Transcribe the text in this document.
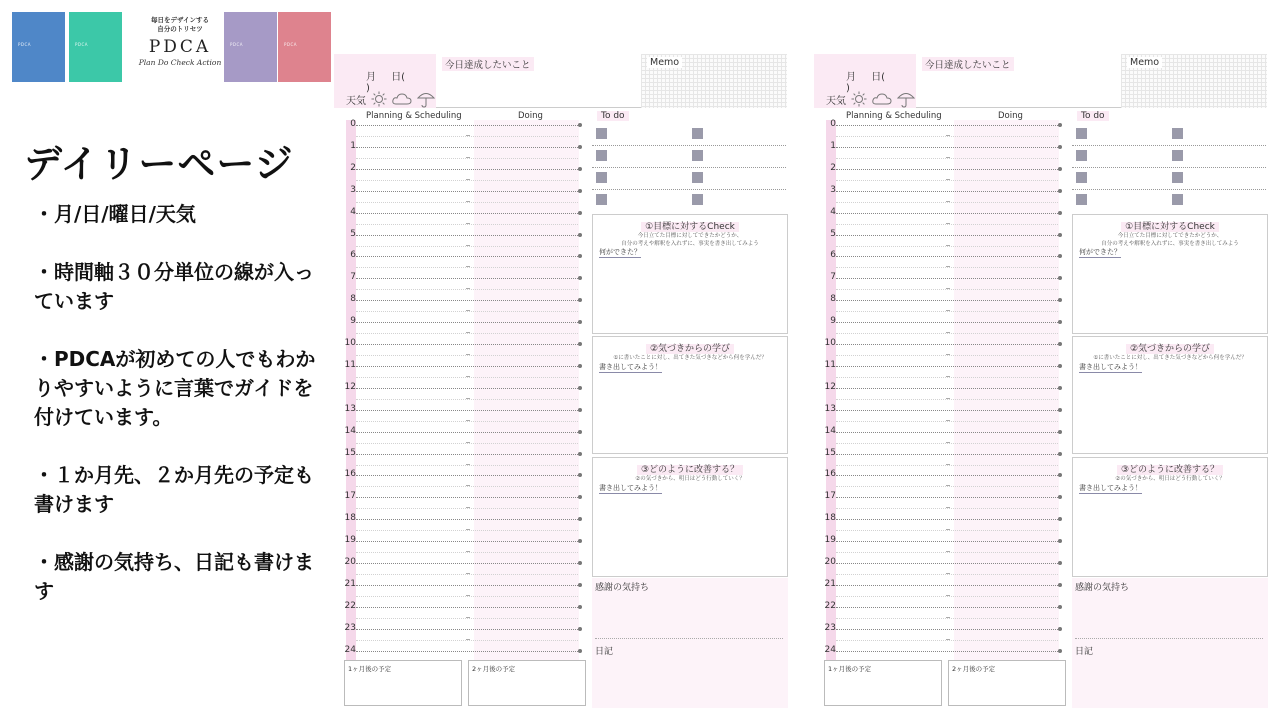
PDCA	PDCA
毎日をデザインする
自分のトリセツ
PDCA
Plan Do Check Action
PDCA	PDCA
デイリーページ
・月/日/曜日/天気
・時間軸３０分単位の線が入っています
・PDCAが初めての人でもわかりやすいように言葉でガイドを付けています。
・１か月先、２か月先の予定も書けます
・感謝の気持ち、日記も書けます
月 日( )
天気
今日達成したいこと	Memo
Planning & Scheduling	Doing
0
1
2
3
4
5
6
7
8
9
10
11
12
13
14
15
16
17
18
19
20
21
22
23
24
To do
①目標に対するCheck
今日立てた目標に対してできたかどうか、
自分の考えや解釈を入れずに、事実を書き出してみよう
何ができた？
②気づきからの学び
①に書いたことに対し、出てきた気づきなどから何を学んだ？
書き出してみよう！
③どのように改善する？
②の気づきから、明日はどう行動していく？
書き出してみよう！
感謝の気持ち
日記
1ヶ月後の予定	2ヶ月後の予定
月 日( )
天気
今日達成したいこと	Memo
Planning & Scheduling	Doing
0
1
2
3
4
5
6
7
8
9
10
11
12
13
14
15
16
17
18
19
20
21
22
23
24
To do
①目標に対するCheck
今日立てた目標に対してできたかどうか、
自分の考えや解釈を入れずに、事実を書き出してみよう
何ができた？
②気づきからの学び
①に書いたことに対し、出てきた気づきなどから何を学んだ？
書き出してみよう！
③どのように改善する？
②の気づきから、明日はどう行動していく？
書き出してみよう！
感謝の気持ち
日記
1ヶ月後の予定	2ヶ月後の予定
